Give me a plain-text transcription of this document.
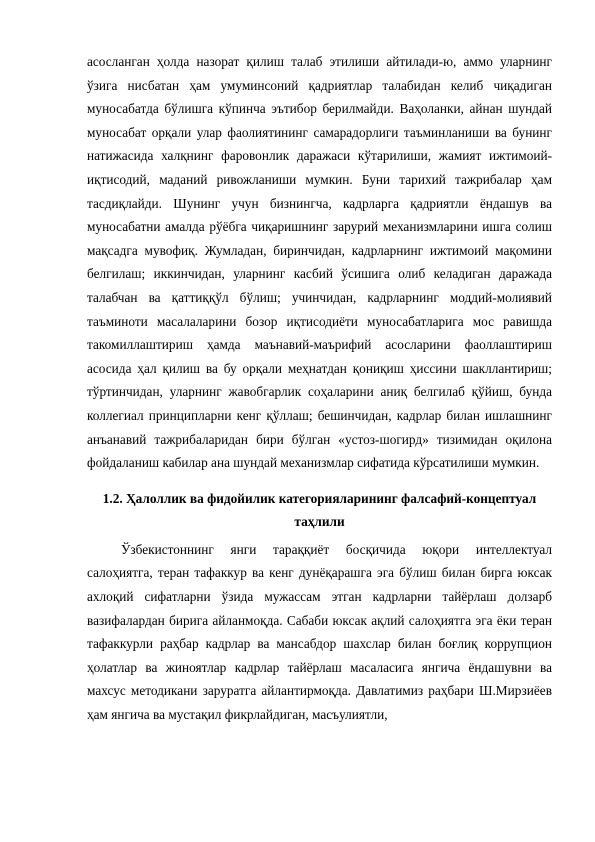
асосланган ҳолда назорат қилиш талаб этилиши айтилади-ю, аммо уларнинг ўзига нисбатан ҳам умуминсоний қадриятлар талабидан келиб чиқадиган муносабатда бўлишга кўпинча эътибор берилмайди. Ваҳоланки, айнан шундай муносабат орқали улар фаолиятининг самарадорлиги таъминланиши ва бунинг натижасида халқнинг фаровонлик даражаси кўтарилиши, жамият ижтимоий-иқтисодий, маданий ривожланиши мумкин. Буни тарихий тажрибалар ҳам тасдиқлайди. Шунинг учун бизнингча, кадрларга қадриятли ёндашув ва муносабатни амалда рўёбга чиқаришнинг зарурий механизмларини ишга солиш мақсадга мувофиқ. Жумладан, биринчидан, кадрларнинг ижтимоий мақомини белгилаш; иккинчидан, уларнинг касбий ўсишига олиб келадиган даражада талабчан ва қаттиққўл бўлиш; учинчидан, кадрларнинг моддий-молиявий таъминоти масалаларини бозор иқтисодиёти муносабатларига мос равишда такомиллаштириш ҳамда маънавий-маърифий асосларини фаоллаштириш асосида ҳал қилиш ва бу орқали меҳнатдан қониқиш ҳиссини шакллантириш; тўртинчидан, уларнинг жавобгарлик соҳаларини аниқ белгилаб қўйиш, бунда коллегиал принципларни кенг қўллаш; бешинчидан, кадрлар билан ишлашнинг анъанавий тажрибаларидан бири бўлган «устоз-шогирд» тизимидан оқилона фойдаланиш кабилар ана шундай механизмлар сифатида кўрсатилиши мумкин.

1.2. Ҳалоллик ва фидойилик категорияларининг фалсафий-концептуал таҳлили

Ўзбекистоннинг янги тараққиёт босқичида юқори интеллектуал салоҳиятга, теран тафаккур ва кенг дунёқарашга эга бўлиш билан бирга юксак ахлоқий сифатларни ўзида мужассам этган кадрларни тайёрлаш долзарб вазифалардан бирига айланмоқда. Сабаби юксак ақлий салоҳиятга эга ёки теран тафаккурли раҳбар кадрлар ва мансабдор шахслар билан боғлиқ коррупцион ҳолатлар ва жиноятлар кадрлар тайёрлаш масаласига янгича ёндашувни ва махсус методикани заруратга айлантирмоқда. Давлатимиз раҳбари Ш.Мирзиёев ҳам янгича ва мустақил фикрлайдиган, масъулиятли,
